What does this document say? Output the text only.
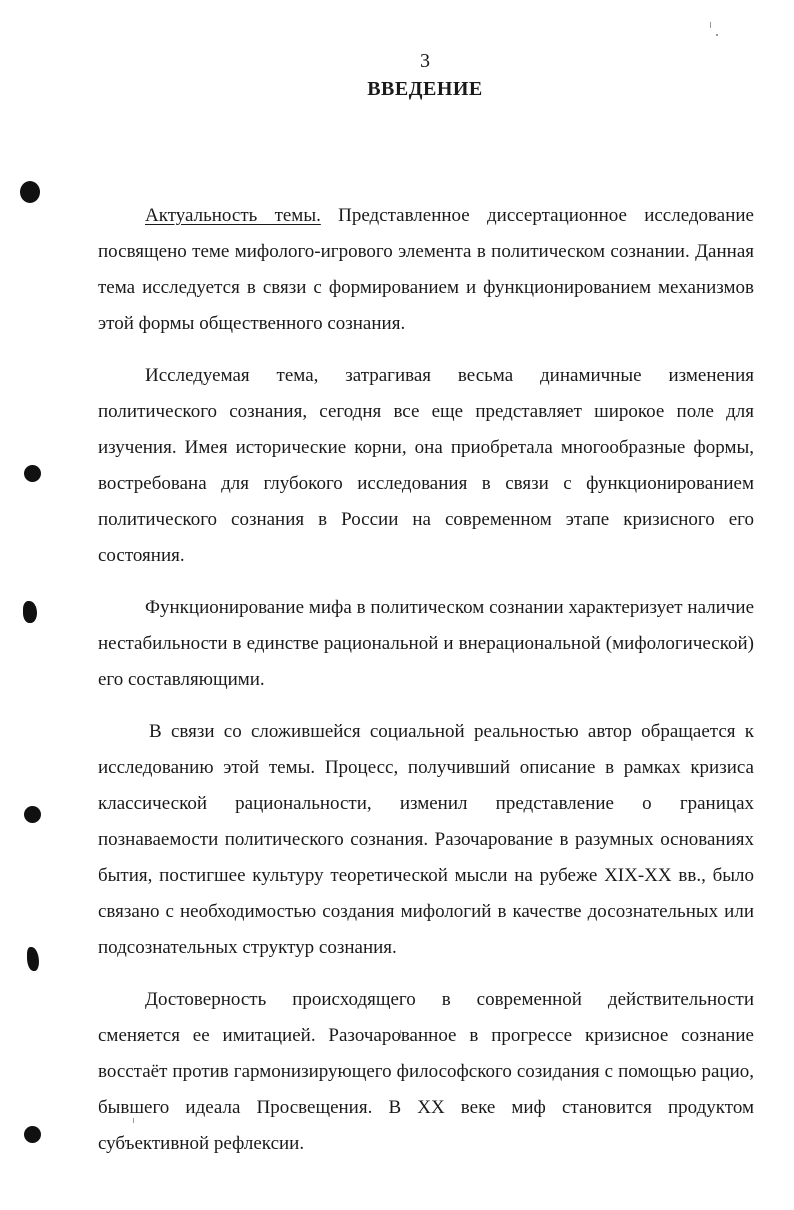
3
ВВЕДЕНИЕ

Актуальность темы. Представленное диссертационное исследование посвящено теме мифолого-игрового элемента в политическом сознании. Данная тема исследуется в связи с формированием и функционированием механизмов этой формы общественного сознания.

Исследуемая тема, затрагивая весьма динамичные изменения политического сознания, сегодня все еще представляет широкое поле для изучения. Имея исторические корни, она приобретала многообразные формы, востребована для глубокого исследования в связи с функционированием политического сознания в России на современном этапе кризисного его состояния.

Функционирование мифа в политическом сознании характеризует наличие нестабильности в единстве рациональной и внерациональной (мифологической) его составляющими.

В связи со сложившейся социальной реальностью автор обращается к исследованию этой темы. Процесс, получивший описание в рамках кризиса классической рациональности, изменил представление о границах познаваемости политического сознания. Разочарование в разумных основаниях бытия, постигшее культуру теоретической мысли на рубеже XIX-XX вв., было связано с необходимостью создания мифологий в качестве досознательных или подсознательных структур сознания.

Достоверность происходящего в современной действительности сменяется ее имитацией. Разочарованное в прогрессе кризисное сознание восстаёт против гармонизирующего философского созидания с помощью рацио, бывшего идеала Просвещения. В XX веке миф становится продуктом субъективной рефлексии.
